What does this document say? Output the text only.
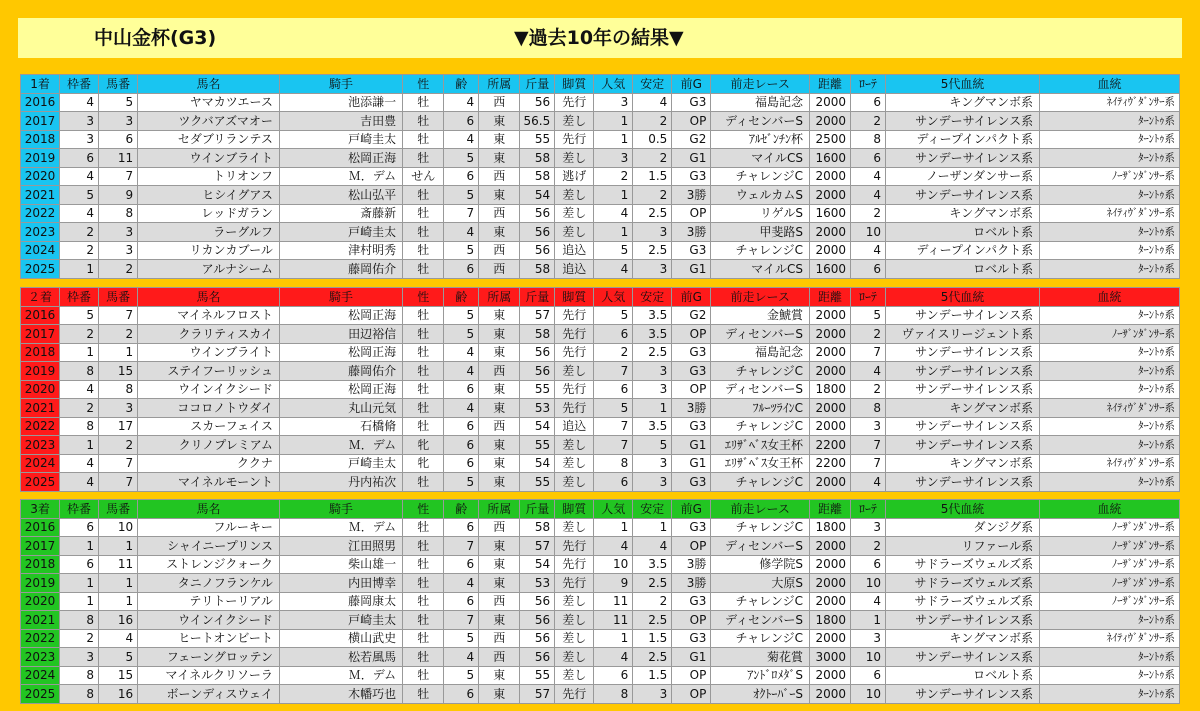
中山金杯(G3)	▼過去10年の結果▼
1着	枠番	馬番	馬名	騎手	性	齢	所属	斤量	脚質	人気	安定	前G	前走レース	距離	ﾛｰﾃ	5代血統	血統
2016	4	5	ヤマカツエース	池添謙一	牡	4	西	56	先行	3	4	G3	福島記念	2000	6	キングマンボ系	ﾈｲﾃｨｳﾞﾀﾞﾝｻｰ系
2017	3	3	ツクバアズマオー	吉田豊	牡	6	東	56.5	差し	1	2	OP	ディセンバーS	2000	2	サンデーサイレンス系	ﾀｰﾝﾄｩ系
2018	3	6	セダブリランテス	戸崎圭太	牡	4	東	55	先行	1	0.5	G2	ｱﾙｾﾞﾝﾁﾝ杯	2500	8	ディープインパクト系	ﾀｰﾝﾄｩ系
2019	6	11	ウインブライト	松岡正海	牡	5	東	58	差し	3	2	G1	マイルCS	1600	6	サンデーサイレンス系	ﾀｰﾝﾄｩ系
2020	4	7	トリオンフ	Ｍ．デム	せん	6	西	58	逃げ	2	1.5	G3	チャレンジC	2000	4	ノーザンダンサー系	ﾉｰｻﾞﾝﾀﾞﾝｻｰ系
2021	5	9	ヒシイグアス	松山弘平	牡	5	東	54	差し	1	2	3勝	ウェルカムS	2000	4	サンデーサイレンス系	ﾀｰﾝﾄｩ系
2022	4	8	レッドガラン	斎藤新	牡	7	西	56	差し	4	2.5	OP	リゲルS	1600	2	キングマンボ系	ﾈｲﾃｨｳﾞﾀﾞﾝｻｰ系
2023	2	3	ラーグルフ	戸崎圭太	牡	4	東	56	差し	1	3	3勝	甲斐路S	2000	10	ロベルト系	ﾀｰﾝﾄｩ系
2024	2	3	リカンカブール	津村明秀	牡	5	西	56	追込	5	2.5	G3	チャレンジC	2000	4	ディープインパクト系	ﾀｰﾝﾄｩ系
2025	1	2	アルナシーム	藤岡佑介	牡	6	西	58	追込	4	3	G1	マイルCS	1600	6	ロベルト系	ﾀｰﾝﾄｩ系
２着	枠番	馬番	馬名	騎手	性	齢	所属	斤量	脚質	人気	安定	前G	前走レース	距離	ﾛｰﾃ	5代血統	血統
2016	5	7	マイネルフロスト	松岡正海	牡	5	東	57	先行	5	3.5	G2	金鯱賞	2000	5	サンデーサイレンス系	ﾀｰﾝﾄｩ系
2017	2	2	クラリティスカイ	田辺裕信	牡	5	東	58	先行	6	3.5	OP	ディセンバーS	2000	2	ヴァイスリージェント系	ﾉｰｻﾞﾝﾀﾞﾝｻｰ系
2018	1	1	ウインブライト	松岡正海	牡	4	東	56	先行	2	2.5	G3	福島記念	2000	7	サンデーサイレンス系	ﾀｰﾝﾄｩ系
2019	8	15	ステイフーリッシュ	藤岡佑介	牡	4	西	56	差し	7	3	G3	チャレンジC	2000	4	サンデーサイレンス系	ﾀｰﾝﾄｩ系
2020	4	8	ウインイクシード	松岡正海	牡	6	東	55	先行	6	3	OP	ディセンバーS	1800	2	サンデーサイレンス系	ﾀｰﾝﾄｩ系
2021	2	3	ココロノトウダイ	丸山元気	牡	4	東	53	先行	5	1	3勝	ﾌﾙｰﾂﾗｲﾝC	2000	8	キングマンボ系	ﾈｲﾃｨｳﾞﾀﾞﾝｻｰ系
2022	8	17	スカーフェイス	石橋脩	牡	6	西	54	追込	7	3.5	G3	チャレンジC	2000	3	サンデーサイレンス系	ﾀｰﾝﾄｩ系
2023	1	2	クリノプレミアム	Ｍ．デム	牝	6	東	55	差し	7	5	G1	ｴﾘｻﾞﾍﾞｽ女王杯	2200	7	サンデーサイレンス系	ﾀｰﾝﾄｩ系
2024	4	7	ククナ	戸崎圭太	牝	6	東	54	差し	8	3	G1	ｴﾘｻﾞﾍﾞｽ女王杯	2200	7	キングマンボ系	ﾈｲﾃｨｳﾞﾀﾞﾝｻｰ系
2025	4	7	マイネルモーント	丹内祐次	牡	5	東	55	差し	6	3	G3	チャレンジC	2000	4	サンデーサイレンス系	ﾀｰﾝﾄｩ系
3着	枠番	馬番	馬名	騎手	性	齢	所属	斤量	脚質	人気	安定	前G	前走レース	距離	ﾛｰﾃ	5代血統	血統
2016	6	10	フルーキー	Ｍ．デム	牡	6	西	58	差し	1	1	G3	チャレンジC	1800	3	ダンジグ系	ﾉｰｻﾞﾝﾀﾞﾝｻｰ系
2017	1	1	シャイニープリンス	江田照男	牡	7	東	57	先行	4	4	OP	ディセンバーS	2000	2	リファール系	ﾉｰｻﾞﾝﾀﾞﾝｻｰ系
2018	6	11	ストレンジクォーク	柴山雄一	牡	6	東	54	先行	10	3.5	3勝	修学院S	2000	6	サドラーズウェルズ系	ﾉｰｻﾞﾝﾀﾞﾝｻｰ系
2019	1	1	タニノフランケル	内田博幸	牡	4	東	53	先行	9	2.5	3勝	大原S	2000	10	サドラーズウェルズ系	ﾉｰｻﾞﾝﾀﾞﾝｻｰ系
2020	1	1	テリトーリアル	藤岡康太	牡	6	西	56	差し	11	2	G3	チャレンジC	2000	4	サドラーズウェルズ系	ﾉｰｻﾞﾝﾀﾞﾝｻｰ系
2021	8	16	ウインイクシード	戸崎圭太	牡	7	東	56	差し	11	2.5	OP	ディセンバーS	1800	1	サンデーサイレンス系	ﾀｰﾝﾄｩ系
2022	2	4	ヒートオンビート	横山武史	牡	5	西	56	差し	1	1.5	G3	チャレンジC	2000	3	キングマンボ系	ﾈｲﾃｨｳﾞﾀﾞﾝｻｰ系
2023	3	5	フェーングロッテン	松若風馬	牡	4	西	56	差し	4	2.5	G1	菊花賞	3000	10	サンデーサイレンス系	ﾀｰﾝﾄｩ系
2024	8	15	マイネルクリソーラ	Ｍ．デム	牡	5	東	55	差し	6	1.5	OP	ｱﾝﾄﾞﾛﾒﾀﾞS	2000	6	ロベルト系	ﾀｰﾝﾄｩ系
2025	8	16	ボーンディスウェイ	木幡巧也	牡	6	東	57	先行	8	3	OP	ｵｸﾄｰﾊﾞｰS	2000	10	サンデーサイレンス系	ﾀｰﾝﾄｩ系
